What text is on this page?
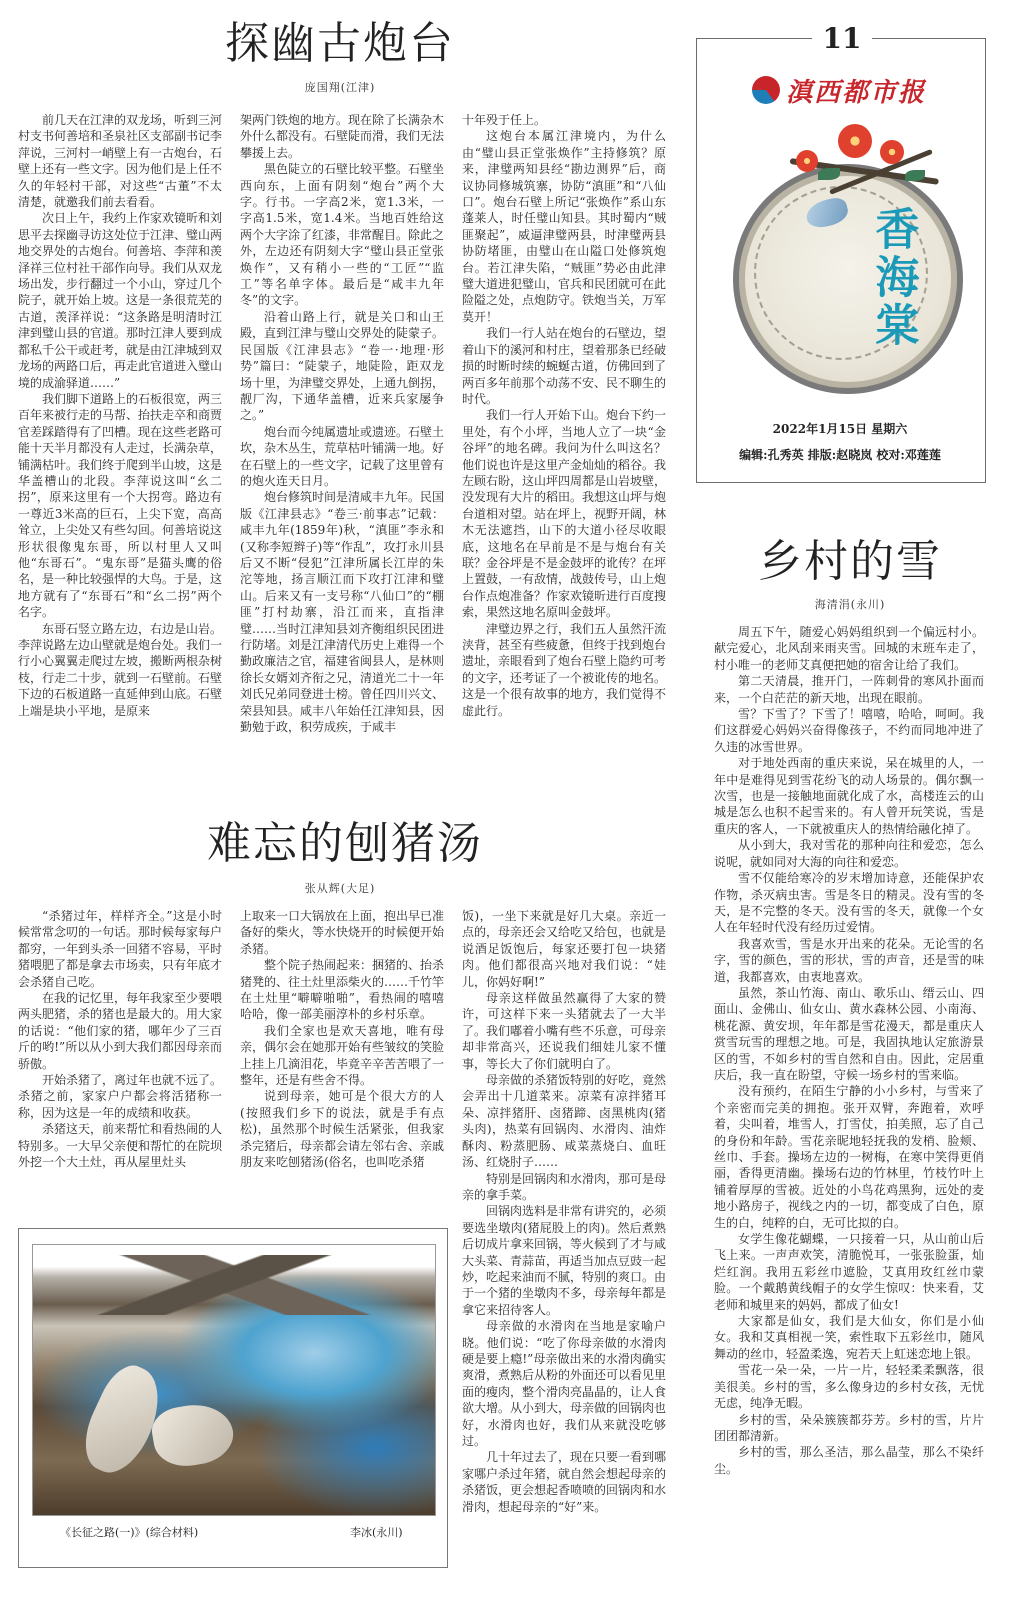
探幽古炮台
庞国翔(江津)

前几天在江津的双龙场，听到三河村支书何善培和圣泉社区支部副书记李萍说，三河村一峭壁上有一古炮台，石壁上还有一些文字。因为他们是上任不久的年轻村干部，对这些“古董”不太清楚，就邀我们前去看看。

次日上午，我约上作家欢镜昕和刘思平去探幽寻访这处位于江津、璧山两地交界处的古炮台。何善培、李萍和羡泽祥三位村社干部作向导。我们从双龙场出发，步行翻过一个小山，穿过几个院子，就开始上坡。这是一条很荒芜的古道，羡泽祥说：“这条路是明清时江津到璧山县的官道。那时江津人要到成都私千公干或赶考，就是由江津城到双龙场的两路口后，再走此官道进入璧山境的成渝驿道……”

我们脚下道路上的石板很宽，两三百年来被行走的马帮、抬扶走卒和商贾官差踩踏得有了凹槽。现在这些老路可能十天半月都没有人走过，长满杂草，铺满枯叶。我们终于爬到半山坡，这是华盖槽山的北段。李萍说这叫“幺二拐”，原来这里有一个大拐弯。路边有一尊近3米高的巨石，上尖下宽，高高耸立，上尖处又有些勾回。何善培说这形状很像鬼东哥，所以村里人又叫他“东哥石”。“鬼东哥”是猫头鹰的俗名，是一种比较强悍的大鸟。于是，这地方就有了“东哥石”和“幺二拐”两个名字。

东哥石竖立路左边，右边是山岩。李萍说路左边山壁就是炮台处。我们一行小心翼翼走爬过左坡，搬断两根杂树枝，行走二十步，就到一石壁前。石壁下边的石板道路一直延伸到山底。石壁上端是块小平地，是原来

架两门铁炮的地方。现在除了长满杂木外什么都没有。石壁陡而滑，我们无法攀援上去。

黑色陡立的石壁比较平整。石壁坐西向东，上面有阴刻“炮台”两个大字。行书。一字高2米，宽1.3米，一字高1.5米，宽1.4米。当地百姓给这两个大字涂了红漆，非常醒目。除此之外，左边还有阴刻大字“璧山县正堂张焕作”，又有稍小一些的“工匠”“监工”等名单字体。最后是“咸丰九年冬”的文字。

沿着山路上行，就是关口和山王殿，直到江津与璧山交界处的陡蒙子。民国版《江津县志》“卷一·地理·形势”篇曰：“陡蒙子，地陡险，距双龙场十里，为津璧交界处，上通九倒拐，靓厂沟，下通华盖槽，近来兵家屡争之。”

炮台而今纯属遗址或遗迹。石壁土坎，杂木丛生，荒草枯叶铺满一地。好在石壁上的一些文字，记载了这里曾有的炮火连天日月。

炮台修筑时间是清咸丰九年。民国版《江津县志》“卷三·前事志”记载：咸丰九年(1859年)秋，“滇匪”李永和(又称李短辫子)等“作乱”，攻打永川县后又不断“侵犯”江津所属长江岸的朱沱等地，扬言顺江而下攻打江津和璧山。后来又有一支号称“八仙口”的“棚匪”打村劫寨，沿江而来，直指津璧……当时江津知县刘齐衡组织民团进行防堵。刘是江津清代历史上难得一个勤政廉洁之官，福建省闽县人，是林则徐长女婿刘齐衔之兄，清道光二十一年刘氏兄弟同登进士榜。曾任四川兴文、荣县知县。咸丰八年始任江津知县，因勤勉于政，积劳成疾，于咸丰

十年殁于任上。

这炮台本属江津境内，为什么由“璧山县正堂张焕作”主持修筑？原来，津璧两知县经“勘边测界”后，商议协同修城筑寨，协防“滇匪”和“八仙口”。炮台石壁上所记“张焕作”系山东蓬莱人，时任璧山知县。其时蜀内“贼匪聚起”，威逼津璧两县，时津璧两县协防堵匪，由璧山在山隘口处修筑炮台。若江津失陷，“贼匪”势必由此津璧大道进犯璧山，官兵和民团就可在此险隘之处，点炮防守。铁炮当关，万军莫开！

我们一行人站在炮台的石壁边，望着山下的溪河和村庄，望着那条已经破损的时断时续的蜿蜒古道，仿佛回到了两百多年前那个动荡不安、民不聊生的时代。

我们一行人开始下山。炮台下约一里处，有个小坪，当地人立了一块“金谷坪”的地名碑。我问为什么叫这名？他们说也许是这里产金灿灿的稻谷。我左顾右盼，这山坪四周都是山岩坡壁，没发现有大片的稻田。我想这山坪与炮台道相对望。站在坪上，视野开阔，林木无法遮挡，山下的大道小径尽收眼底，这地名在早前是不是与炮台有关联？金谷坪是不是金鼓坪的讹传？在坪上置鼓，一有敌情，战鼓传号，山上炮台作点炮准备？作家欢镜昕进行百度搜索，果然这地名原叫金鼓坪。

津璧边界之行，我们五人虽然汗流浃背，甚至有些疲惫，但终于找到炮台遗址，亲眼看到了炮台石壁上隐约可考的文字，还考证了一个被讹传的地名。这是一个很有故事的地方，我们觉得不虚此行。

11
滇西都市报
香海棠
2022年1月15日 星期六
编辑:孔秀英 排版:赵晓岚 校对:邓莲莲
乡村的雪
海清涓(永川)

周五下午，随爱心妈妈组织到一个偏远村小。献完爱心，北风刮来雨夹雪。回城的末班车走了，村小唯一的老师艾真便把她的宿舍让给了我们。

第二天清晨，推开门，一阵刺骨的寒风扑面而来，一个白茫茫的新天地，出现在眼前。

雪？下雪了？下雪了！嘻嘻，哈哈，呵呵。我们这群爱心妈妈兴奋得像孩子，不约而同地冲进了久违的冰雪世界。

对于地处西南的重庆来说，呆在城里的人，一年中是难得见到雪花纷飞的动人场景的。偶尔飘一次雪，也是一接触地面就化成了水，高楼连云的山城是怎么也积不起雪来的。有人曾开玩笑说，雪是重庆的客人，一下就被重庆人的热情给融化掉了。

从小到大，我对雪花的那种向往和爱恋，怎么说呢，就如同对大海的向往和爱恋。

雪不仅能给寒冷的岁末增加诗意，还能保护农作物，杀灭病虫害。雪是冬日的精灵。没有雪的冬天，是不完整的冬天。没有雪的冬天，就像一个女人在年轻时代没有经历过爱情。

我喜欢雪，雪是水开出来的花朵。无论雪的名字，雪的颜色，雪的形状，雪的声音，还是雪的味道，我都喜欢，由衷地喜欢。

虽然，茶山竹海、南山、歌乐山、缙云山、四面山、金佛山、仙女山、黄水森林公园、小南海、桃花源、黄安坝，年年都是雪花漫天，都是重庆人赏雪玩雪的理想之地。可是，我固执地认定旅游景区的雪，不如乡村的雪自然和自由。因此，定居重庆后，我一直在盼望，守候一场乡村的雪来临。

没有预约，在陌生宁静的小小乡村，与雪来了个亲密而完美的拥抱。张开双臂，奔跑着，欢呼着，尖叫着，堆雪人，打雪仗，拍美照，忘了自己的身份和年龄。雪花亲昵地轻抚我的发梢、脸颊、丝巾、手套。操场左边的一树梅，在寒中笑得更俏丽，香得更清幽。操场右边的竹林里，竹枝竹叶上铺着厚厚的雪被。近处的小鸟花鸡黑狗，远处的麦地小路房子，视线之内的一切，都变成了白色，原生的白，纯粹的白，无可比拟的白。

女学生像花蝴蝶，一只接着一只，从山前山后飞上来。一声声欢笑，清脆悦耳，一张张脸蛋，灿烂红润。我用五彩丝巾遮脸，艾真用玫红丝巾蒙脸。一个戴鹅黄线帽子的女学生惊叹：快来看，艾老师和城里来的妈妈，都成了仙女!

大家都是仙女，我们是大仙女，你们是小仙女。我和艾真相视一笑，索性取下五彩丝巾，随风舞动的丝巾，轻盈柔逸，宛若天上虹迷恋地上银。

雪花一朵一朵，一片一片，轻轻柔柔飘落，很美很美。乡村的雪，多么像身边的乡村女孩，无忧无虑，纯净无暇。

乡村的雪，朵朵簇簇都芬芳。乡村的雪，片片团团都清新。

乡村的雪，那么圣洁，那么晶莹，那么不染纤尘。

难忘的刨猪汤
张从辉(大足)

“杀猪过年，样样齐全。”这是小时候常常念叨的一句话。那时候每家每户都穷，一年到头杀一回猪不容易，平时猪喂肥了都是拿去市场卖，只有年底才会杀猪自己吃。

在我的记忆里，每年我家至少要喂两头肥猪，杀的猪也是最大的。用大家的话说：“他们家的猪，哪年少了三百斤的哟!”所以从小到大我们都因母亲而骄傲。

开始杀猪了，离过年也就不远了。杀猪之前，家家户户都会将活猪称一称，因为这是一年的成绩和收获。

杀猪这天，前来帮忙和看热闹的人特别多。一大早父亲便和帮忙的在院坝外挖一个大土灶，再从屋里灶头

上取来一口大锅放在上面，抱出早已准备好的柴火，等水快烧开的时候便开始杀猪。

整个院子热闹起来：捆猪的、抬杀猪凳的、往土灶里添柴火的……千竹竿在土灶里“噼噼啪啪”，看热闹的嘻嘻哈哈，像一部美丽淳朴的乡村乐章。

我们全家也是欢天喜地，唯有母亲，偶尔会在她那开始有些皱纹的笑脸上挂上几滴泪花，毕竟辛辛苦苦喂了一整年，还是有些舍不得。

说到母亲，她可是个很大方的人(按照我们乡下的说法，就是手有点松)，虽然那个时候生活紧张，但我家杀完猪后，母亲都会请左邻右舍、亲戚朋友来吃刨猪汤(俗名，也叫吃杀猪

饭)，一坐下来就是好几大桌。亲近一点的，母亲还会又给吃又给包，也就是说酒足饭饱后，每家还要打包一块猪肉。他们都很高兴地对我们说：“娃儿，你妈好啊!”

母亲这样做虽然赢得了大家的赞许，可这样下来一头猪就去了一大半了。我们嘟着小嘴有些不乐意，可母亲却非常高兴，还说我们细娃儿家不懂事，等长大了你们就明白了。

母亲做的杀猪饭特别的好吃，竟然会弄出十几道菜来。凉菜有凉拌猪耳朵、凉拌猪肝、卤猪蹄、卤黑桃肉(猪头肉)，热菜有回锅肉、水滑肉、油炸酥肉、粉蒸肥肠、咸菜蒸烧白、血旺汤、红烧肘子……

特别是回锅肉和水滑肉，那可是母亲的拿手菜。

回锅肉选料是非常有讲究的，必须要选坐墩肉(猪屁股上的肉)。然后煮熟后切成片拿来回锅，等火候到了才与咸大头菜、青蒜苗，再适当加点豆豉一起炒，吃起来油而不腻，特别的爽口。由于一个猪的坐墩肉不多，母亲每年都是拿它来招待客人。

母亲做的水滑肉在当地是家喻户晓。他们说：“吃了你母亲做的水滑肉硬是要上瘾!”母亲做出来的水滑肉确实爽滑，煮熟后从粉的外面还可以看见里面的瘦肉，整个滑肉亮晶晶的，让人食欲大增。从小到大，母亲做的回锅肉也好，水滑肉也好，我们从来就没吃够过。

几十年过去了，现在只要一看到哪家哪户杀过年猪，就自然会想起母亲的杀猪饭，更会想起香喷喷的回锅肉和水滑肉，想起母亲的“好”来。

《长征之路(一)》(综合材料)	李冰(永川)
